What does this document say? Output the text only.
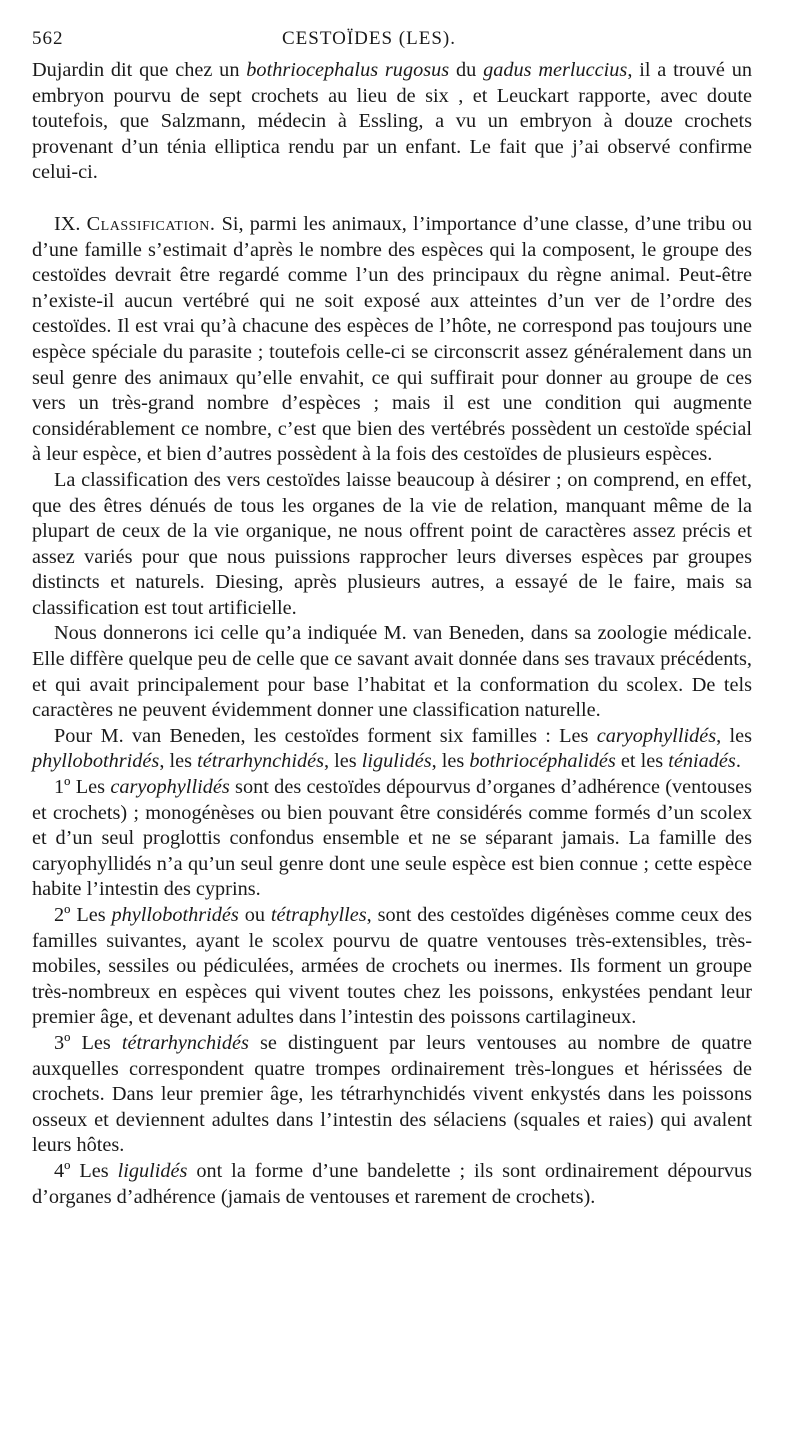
562	CESTOÏDES (LES).

Dujardin dit que chez un bothriocephalus rugosus du gadus merluccius, il a trouvé un embryon pourvu de sept crochets au lieu de six , et Leuckart rapporte, avec doute toutefois, que Salzmann, médecin à Essling, a vu un embryon à douze crochets provenant d’un ténia elliptica rendu par un enfant. Le fait que j’ai observé confirme celui-ci.

IX. Classification. Si, parmi les animaux, l’importance d’une classe, d’une tribu ou d’une famille s’estimait d’après le nombre des espèces qui la composent, le groupe des cestoïdes devrait être regardé comme l’un des principaux du règne animal. Peut-être n’existe-il aucun vertébré qui ne soit exposé aux atteintes d’un ver de l’ordre des cestoïdes. Il est vrai qu’à chacune des espèces de l’hôte, ne correspond pas toujours une espèce spéciale du parasite ; toutefois celle-ci se circonscrit assez généralement dans un seul genre des animaux qu’elle envahit, ce qui suffirait pour donner au groupe de ces vers un très-grand nombre d’espèces ; mais il est une condition qui augmente considérablement ce nombre, c’est que bien des vertébrés possèdent un cestoïde spécial à leur espèce, et bien d’autres possèdent à la fois des cestoïdes de plusieurs espèces.

La classification des vers cestoïdes laisse beaucoup à désirer ; on comprend, en effet, que des êtres dénués de tous les organes de la vie de relation, manquant même de la plupart de ceux de la vie organique, ne nous offrent point de caractères assez précis et assez variés pour que nous puissions rapprocher leurs diverses espèces par groupes distincts et naturels. Diesing, après plusieurs autres, a essayé de le faire, mais sa classification est tout artificielle.

Nous donnerons ici celle qu’a indiquée M. van Beneden, dans sa zoologie médicale. Elle diffère quelque peu de celle que ce savant avait donnée dans ses travaux précédents, et qui avait principalement pour base l’habitat et la conformation du scolex. De tels caractères ne peuvent évidemment donner une classification naturelle.

Pour M. van Beneden, les cestoïdes forment six familles : Les caryophyllidés, les phyllobothridés, les tétrarhynchidés, les ligulidés, les bothriocéphalidés et les téniadés.

1º Les caryophyllidés sont des cestoïdes dépourvus d’organes d’adhérence (ventouses et crochets) ; monogénèses ou bien pouvant être considérés comme formés d’un scolex et d’un seul proglottis confondus ensemble et ne se séparant jamais. La famille des caryophyllidés n’a qu’un seul genre dont une seule espèce est bien connue ; cette espèce habite l’intestin des cyprins.

2º Les phyllobothridés ou tétraphylles, sont des cestoïdes digénèses comme ceux des familles suivantes, ayant le scolex pourvu de quatre ventouses très-extensibles, très-mobiles, sessiles ou pédiculées, armées de crochets ou inermes. Ils forment un groupe très-nombreux en espèces qui vivent toutes chez les poissons, enkystées pendant leur premier âge, et devenant adultes dans l’intestin des poissons cartilagineux.

3º Les tétrarhynchidés se distinguent par leurs ventouses au nombre de quatre auxquelles correspondent quatre trompes ordinairement très-longues et hérissées de crochets. Dans leur premier âge, les tétrarhynchidés vivent enkystés dans les poissons osseux et deviennent adultes dans l’intestin des sélaciens (squales et raies) qui avalent leurs hôtes.

4º Les ligulidés ont la forme d’une bandelette ; ils sont ordinairement dépourvus d’organes d’adhérence (jamais de ventouses et rarement de crochets).
